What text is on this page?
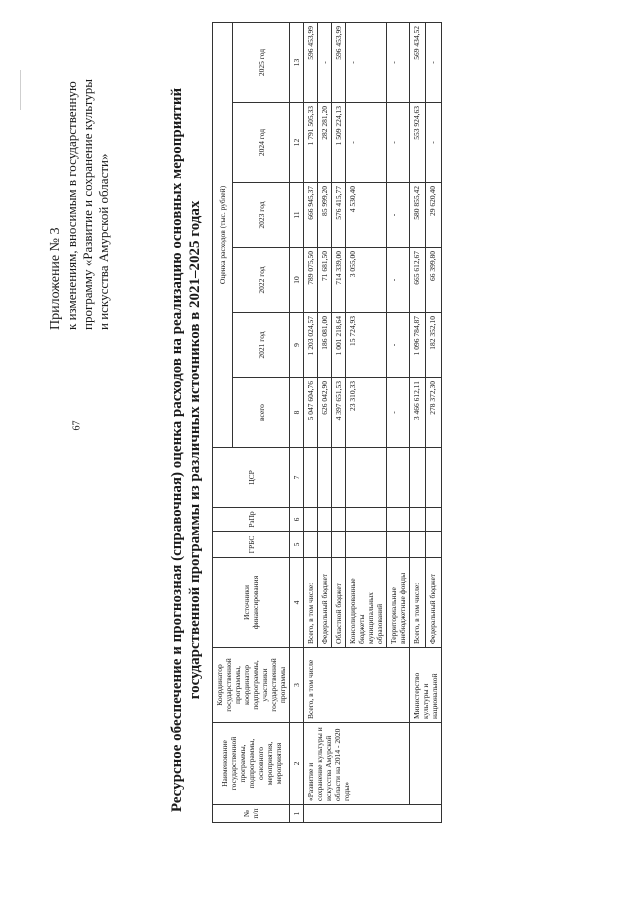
67
Приложение № 3 к изменениям, вносимым в государственную программу «Развитие и сохранение культуры и искусства Амурской области»	Ресурсное обеспечение и прогнозная (справочная) оценка расходов на реализацию основных мероприятий государственной программы из различных источников в 2021–2025 годах
№ п/п	Наименование государственной программы, подпрограммы, основного мероприятия, мероприятия	Координатор государственной программы, координатор подпрограммы, участники государственной программы	Источники финансирования	ГРБС	РзПр	ЦСР	Оценка расходов (тыс. рублей)					
							всего	2021 год	2022 год	2023 год	2024 год	2025 год
1	2	3	4	5	6	7	8	9	10	11	12	13
	«Развитие и сохранение культуры и искусства Амурской области на 2014 - 2020 годы»	Всего, в том числе	Всего, в том числе:				5 047 604,76	1 203 024,57	789 075,50	666 945,37	1 791 505,33	596 453,99
			Федеральный бюджет				626 042,90	186 081,00	71 681,50	85 999,20	282 281,20	-
			Областной бюджет				4 397 651,53	1 001 218,64	714 339,00	576 415,77	1 509 224,13	596 453,99
			Консолидированные бюджеты муниципальных образований				23 310,33	15 724,93	3 055,00	4 530,40	-	-
			Территориальные внебюджетные фонды				-	-	-	-	-	-
		Министерство культуры и национальной	Всего, в том числе:				3 466 612,11	1 096 784,87	665 612,67	580 855,42	553 924,63	569 434,52
			Федеральный бюджет				278 372,30	182 352,10	66 399,80	29 620,40	-	-
